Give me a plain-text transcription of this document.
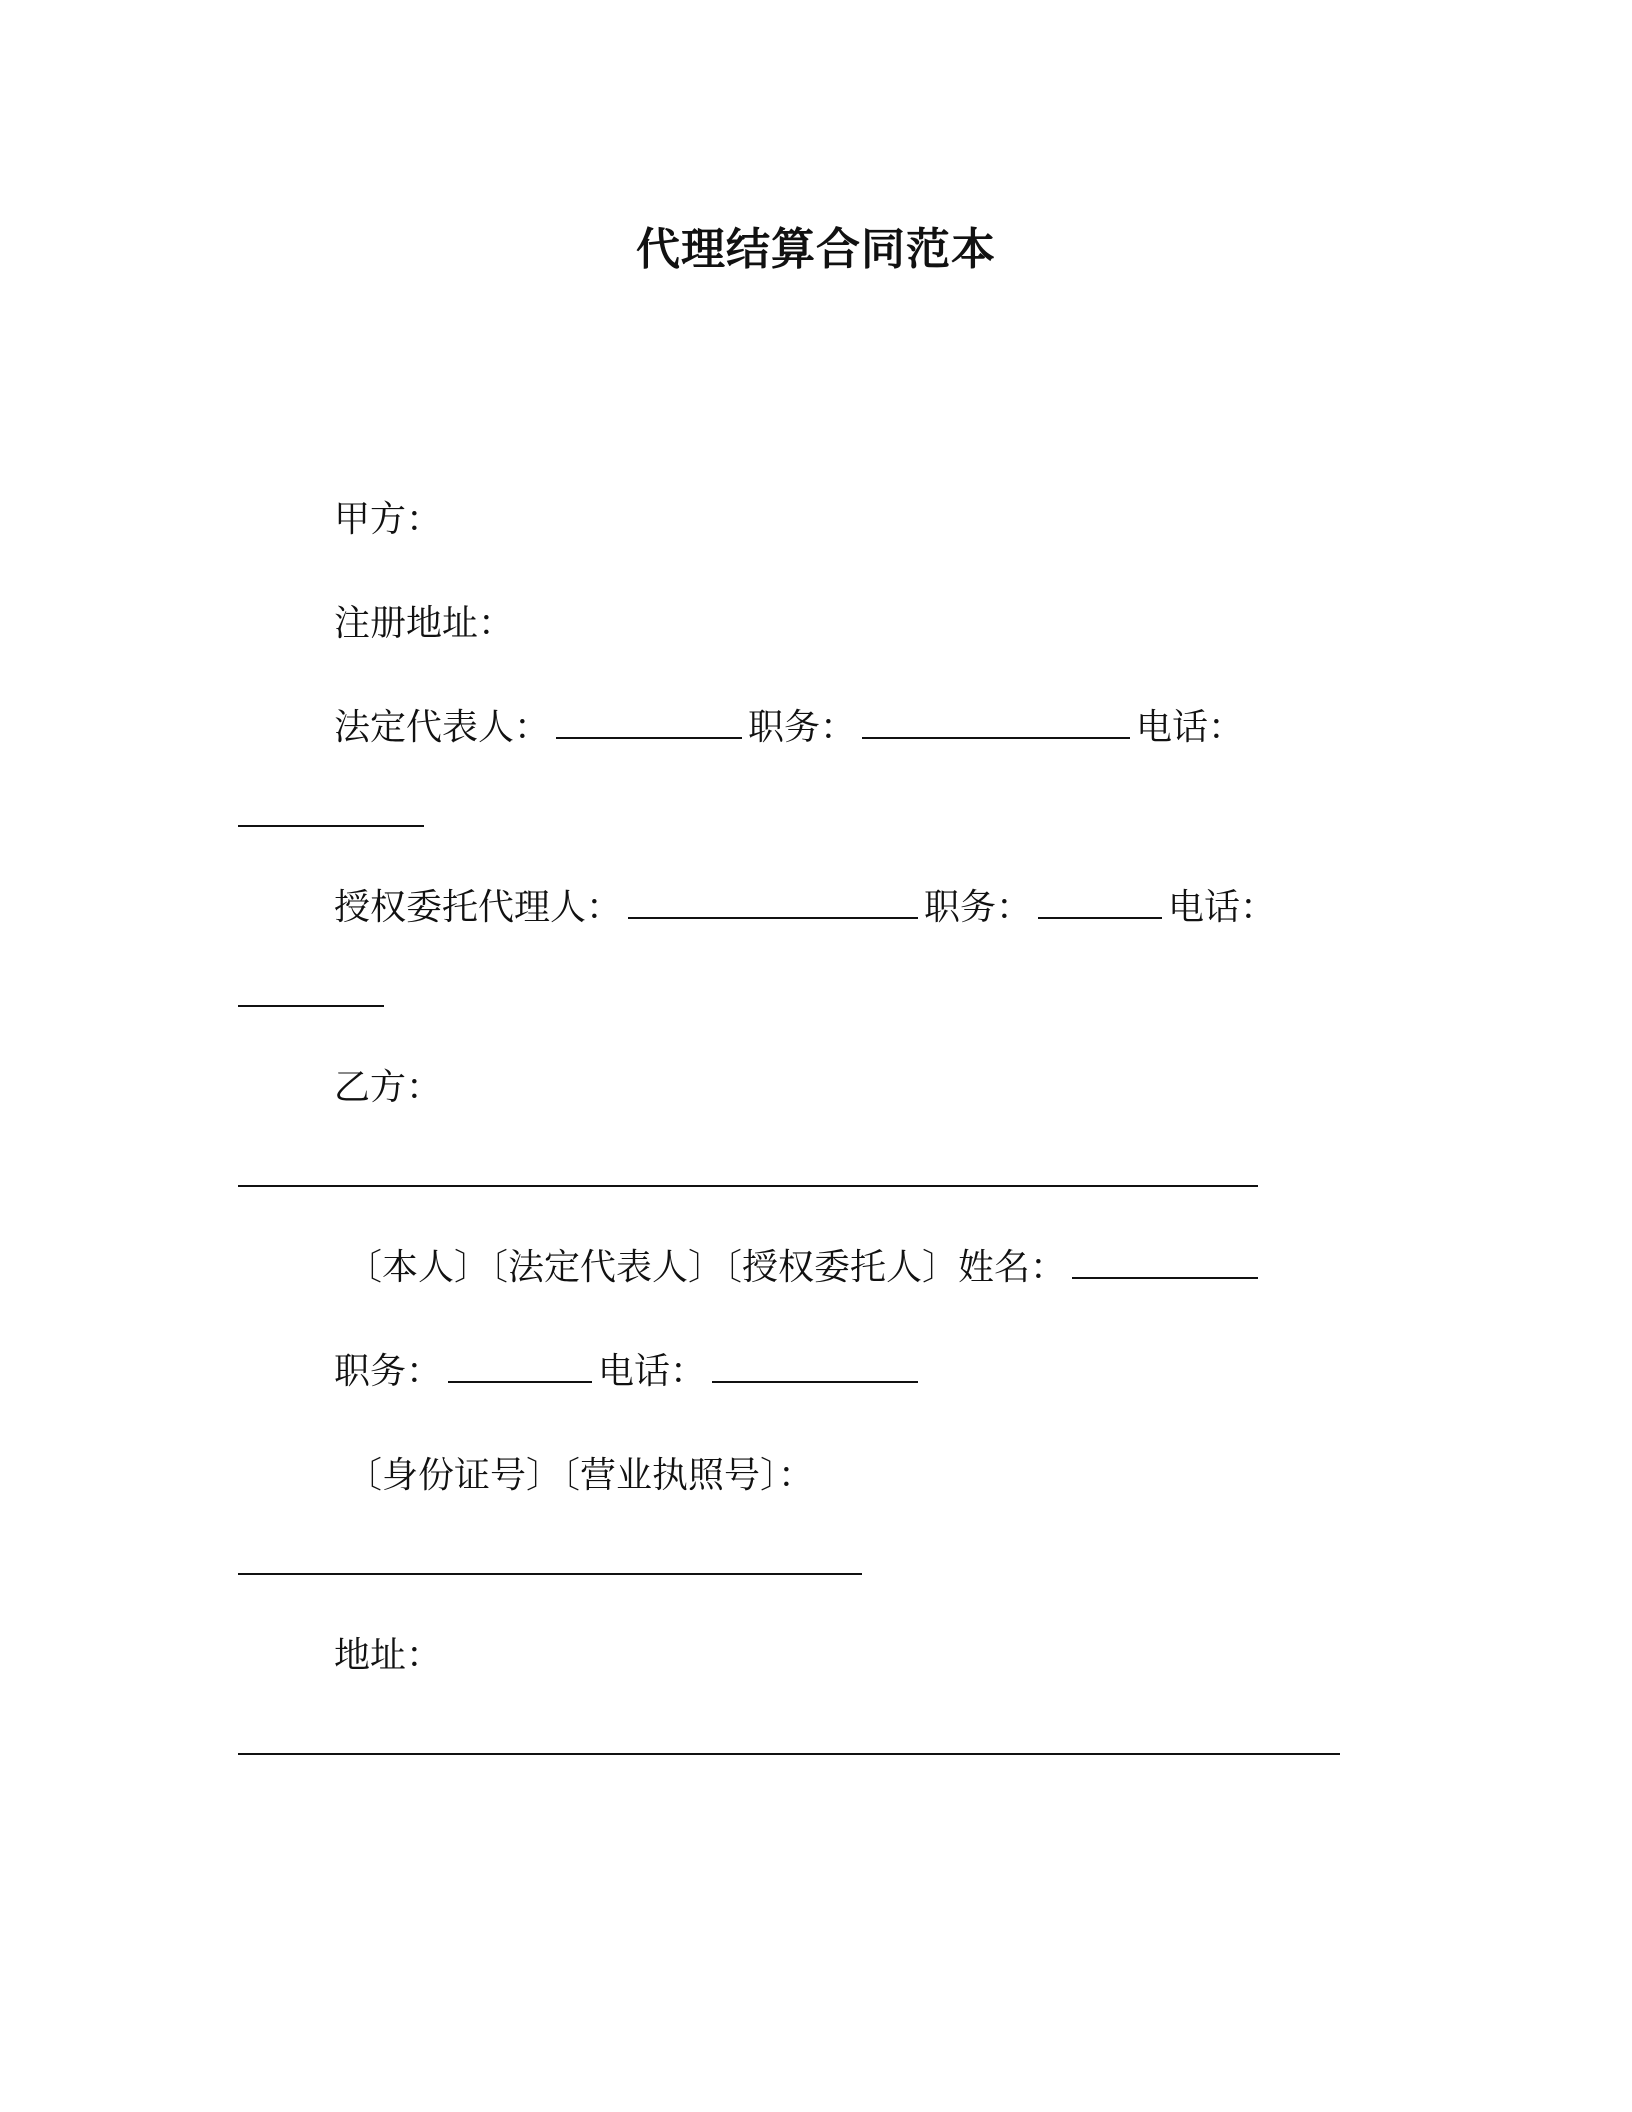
代理结算合同范本
甲方：
注册地址：
法定代表人：	职务：	电话：
授权委托代理人：	职务：	电话：
乙方：
〔本人〕〔法定代表人〕〔授权委托人〕姓名：
职务：	电话：
〔身份证号〕〔营业执照号〕：
地址：
